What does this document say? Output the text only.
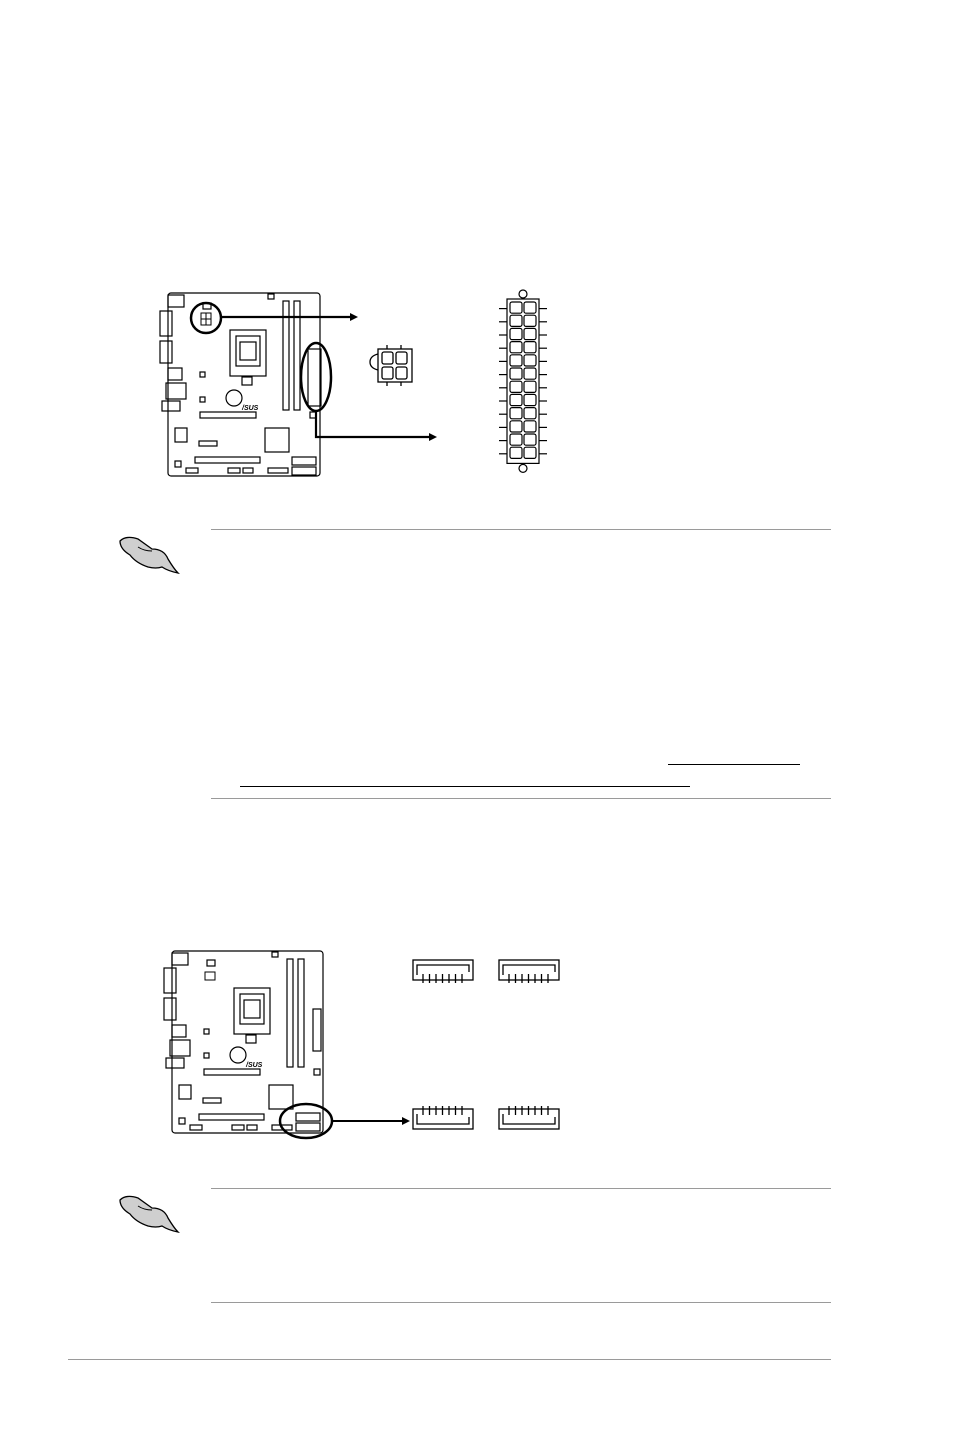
/SUS
/SUS
